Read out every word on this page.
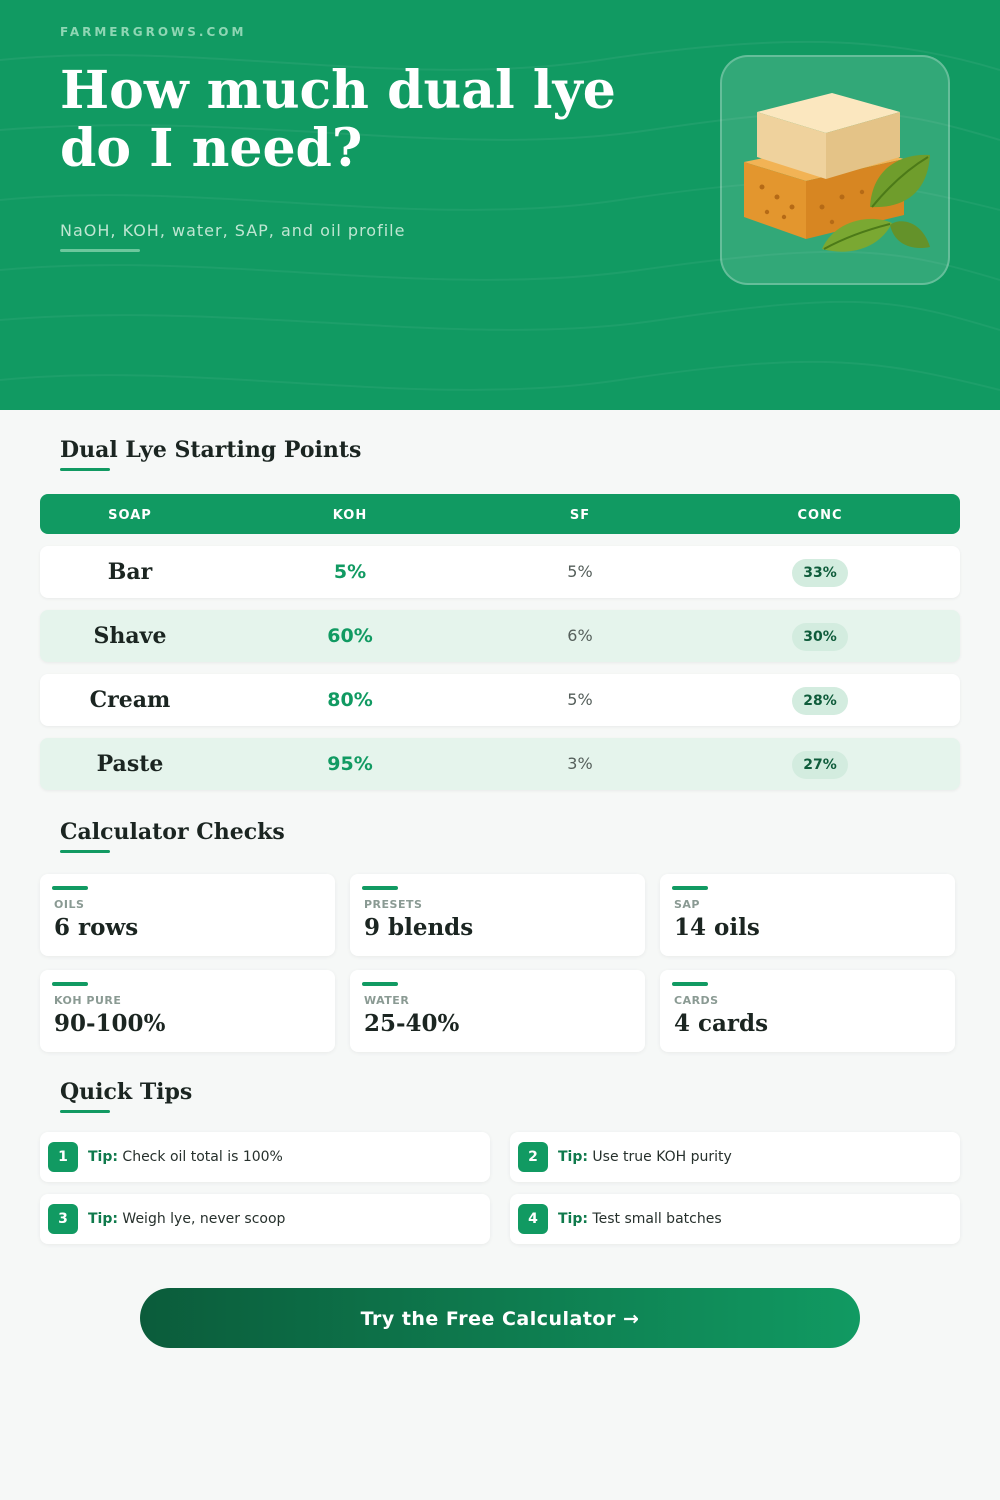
FARMERGROWS.COM
How much dual lye do I need?
NaOH, KOH, water, SAP, and oil profile
Dual Lye Starting Points
SOAP	KOH	SF	CONC
Bar	5%	5%	33%
Shave	60%	6%	30%
Cream	80%	5%	28%
Paste	95%	3%	27%
Calculator Checks
OILS
6 rows
PRESETS
9 blends
SAP
14 oils
KOH PURE
90-100%
WATER
25-40%
CARDS
4 cards
Quick Tips
1	Tip: Check oil total is 100%	2	Tip: Use true KOH purity
3	Tip: Weigh lye, never scoop	4	Tip: Test small batches
Try the Free Calculator →
